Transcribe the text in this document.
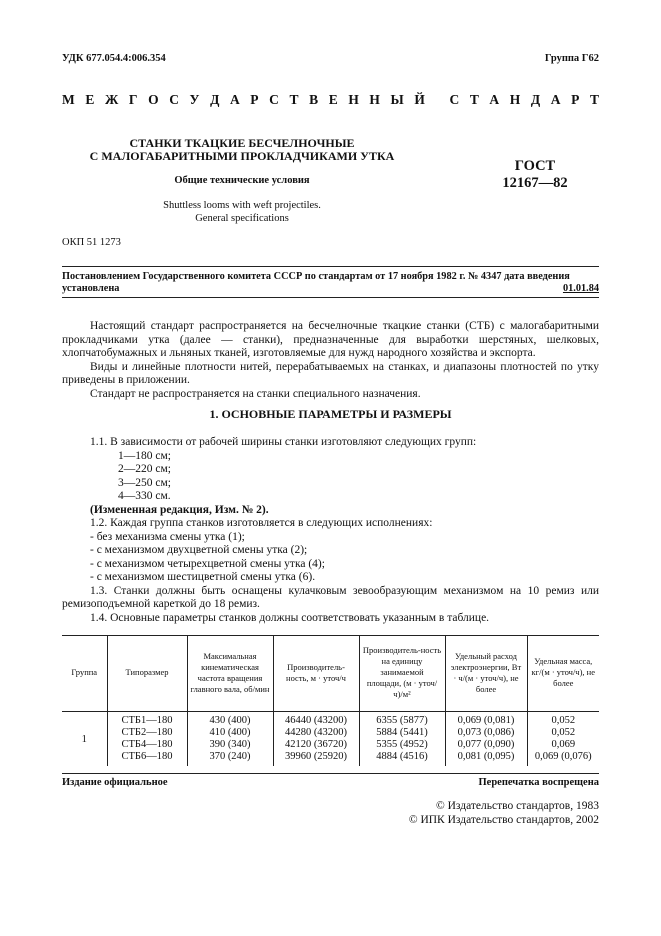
УДК 677.054.4:006.354	Группа Г62
М Е Ж Г О С У Д А Р С Т В Е Н Н Ы Й
С Т А Н Д А Р Т
СТАНКИ ТКАЦКИЕ БЕСЧЕЛНОЧНЫЕ
С МАЛОГАБАРИТНЫМИ ПРОКЛАДЧИКАМИ УТКА
ГОСТ
12167—82
Общие технические условия
Shuttless looms with weft projectiles.
General specifications
ОКП 51 1273
Постановлением Государственного комитета СССР по стандартам от 17 ноября 1982 г. № 4347 дата введения
установлена	01.01.84

Настоящий стандарт распространяется на бесчелночные ткацкие станки (СТБ) с малогабаритными прокладчиками утка (далее — станки), предназначенные для выработки шерстяных, шелковых, хлопчатобумажных и льняных тканей, изготовляемые для нужд народного хозяйства и экспорта.

Виды и линейные плотности нитей, перерабатываемых на станках, и диапазоны плотностей по утку приведены в приложении.

Стандарт не распространяется на станки специального назначения.

1. ОСНОВНЫЕ ПАРАМЕТРЫ И РАЗМЕРЫ
1.1. В зависимости от рабочей ширины станки изготовляют следующих групп:
1—180 см;
2—220 см;
3—250 см;
4—330 см.
(Измененная редакция, Изм. № 2).
1.2. Каждая группа станков изготовляется в следующих исполнениях:
- без механизма смены утка (1);
- с механизмом двухцветной смены утка (2);
- с механизмом четырехцветной смены утка (4);
- с механизмом шестицветной смены утка (6).
1.3. Станки должны быть оснащены кулачковым зевообразующим механизмом на 10 ремиз или ремизоподъемной кареткой до 18 ремиз.
1.4. Основные параметры станков должны соответствовать указанным в таблице.
Группа	Типоразмер	Максимальная кинематическая частота вращения главного вала, об/мин	Производитель-ность, м · уточ/ч	Производитель-ность на единицу занимаемой площади, (м · уточ/ч)/м²	Удельный расход электроэнергии, Вт · ч/(м · уточ/ч), не более	Удельная масса, кг/(м · уточ/ч), не более
1	СТБ1—180	430 (400)	46440 (43200)	6355 (5877)	0,069 (0,081)	0,052
	СТБ2—180	410 (400)	44280 (43200)	5884 (5441)	0,073 (0,086)	0,052
	СТБ4—180	390 (340)	42120 (36720)	5355 (4952)	0,077 (0,090)	0,069
	СТБ6—180	370 (240)	39960 (25920)	4884 (4516)	0,081 (0,095)	0,069 (0,076)
Издание официальное	Перепечатка воспрещена
© Издательство стандартов, 1983
© ИПК Издательство стандартов, 2002
